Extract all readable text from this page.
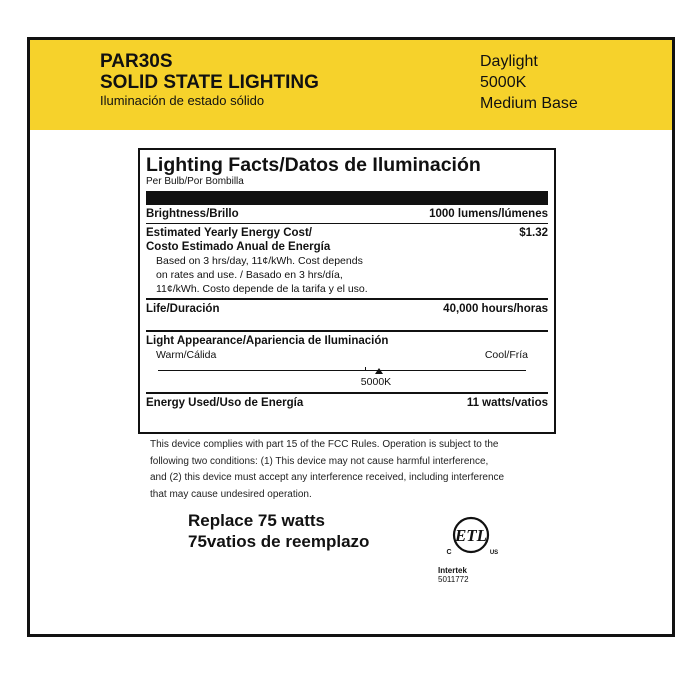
PAR30S
SOLID STATE LIGHTING
Iluminación de estado sólido
Daylight
5000K
Medium Base
Lighting Facts/Datos de Iluminación
Per Bulb/Por Bombilla
Brightness/Brillo	1000 lumens/lúmenes
Estimated Yearly Energy Cost/	$1.32
Costo Estimado Anual de Energía
Based on 3 hrs/day, 11¢/kWh. Cost depends
on rates and use. / Basado en 3 hrs/día,
11¢/kWh. Costo depende de la tarifa y el uso.
Life/Duración	40,000 hours/horas
Light Appearance/Apariencia de Iluminación
Warm/Cálida	Cool/Fría
5000K
Energy Used/Uso de Energía	11 watts/vatios
This device complies with part 15 of the FCC Rules. Operation is subject to the
following two conditions: (1) This device may not cause harmful interference,
and (2) this device must accept any interference received, including interference
that may cause undesired operation.
Replace 75 watts
75vatios de reemplazo	ETL
C	US
Intertek
5011772
